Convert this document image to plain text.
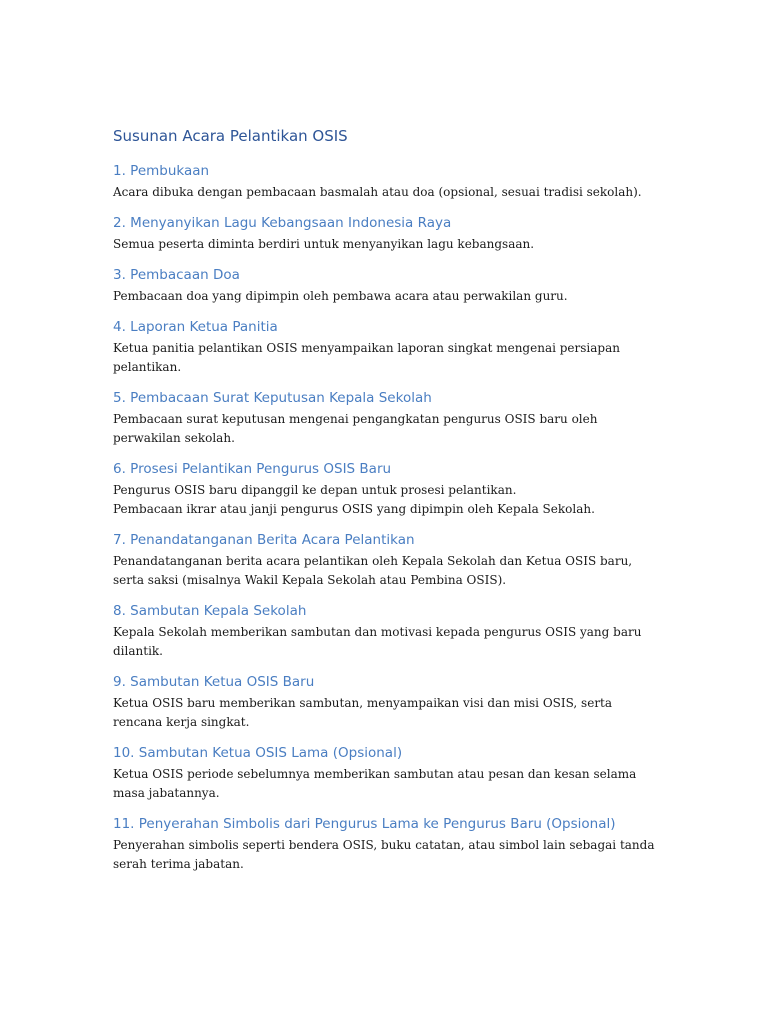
Susunan Acara Pelantikan OSIS
1. Pembukaan

Acara dibuka dengan pembacaan basmalah atau doa (opsional, sesuai tradisi sekolah).

2. Menyanyikan Lagu Kebangsaan Indonesia Raya

Semua peserta diminta berdiri untuk menyanyikan lagu kebangsaan.

3. Pembacaan Doa

Pembacaan doa yang dipimpin oleh pembawa acara atau perwakilan guru.

4. Laporan Ketua Panitia

Ketua panitia pelantikan OSIS menyampaikan laporan singkat mengenai persiapan pelantikan.

5. Pembacaan Surat Keputusan Kepala Sekolah

Pembacaan surat keputusan mengenai pengangkatan pengurus OSIS baru oleh perwakilan sekolah.

6. Prosesi Pelantikan Pengurus OSIS Baru

Pengurus OSIS baru dipanggil ke depan untuk prosesi pelantikan.

Pembacaan ikrar atau janji pengurus OSIS yang dipimpin oleh Kepala Sekolah.

7. Penandatanganan Berita Acara Pelantikan

Penandatanganan berita acara pelantikan oleh Kepala Sekolah dan Ketua OSIS baru, serta saksi (misalnya Wakil Kepala Sekolah atau Pembina OSIS).

8. Sambutan Kepala Sekolah

Kepala Sekolah memberikan sambutan dan motivasi kepada pengurus OSIS yang baru dilantik.

9. Sambutan Ketua OSIS Baru

Ketua OSIS baru memberikan sambutan, menyampaikan visi dan misi OSIS, serta rencana kerja singkat.

10. Sambutan Ketua OSIS Lama (Opsional)

Ketua OSIS periode sebelumnya memberikan sambutan atau pesan dan kesan selama masa jabatannya.

11. Penyerahan Simbolis dari Pengurus Lama ke Pengurus Baru (Opsional)

Penyerahan simbolis seperti bendera OSIS, buku catatan, atau simbol lain sebagai tanda serah terima jabatan.
